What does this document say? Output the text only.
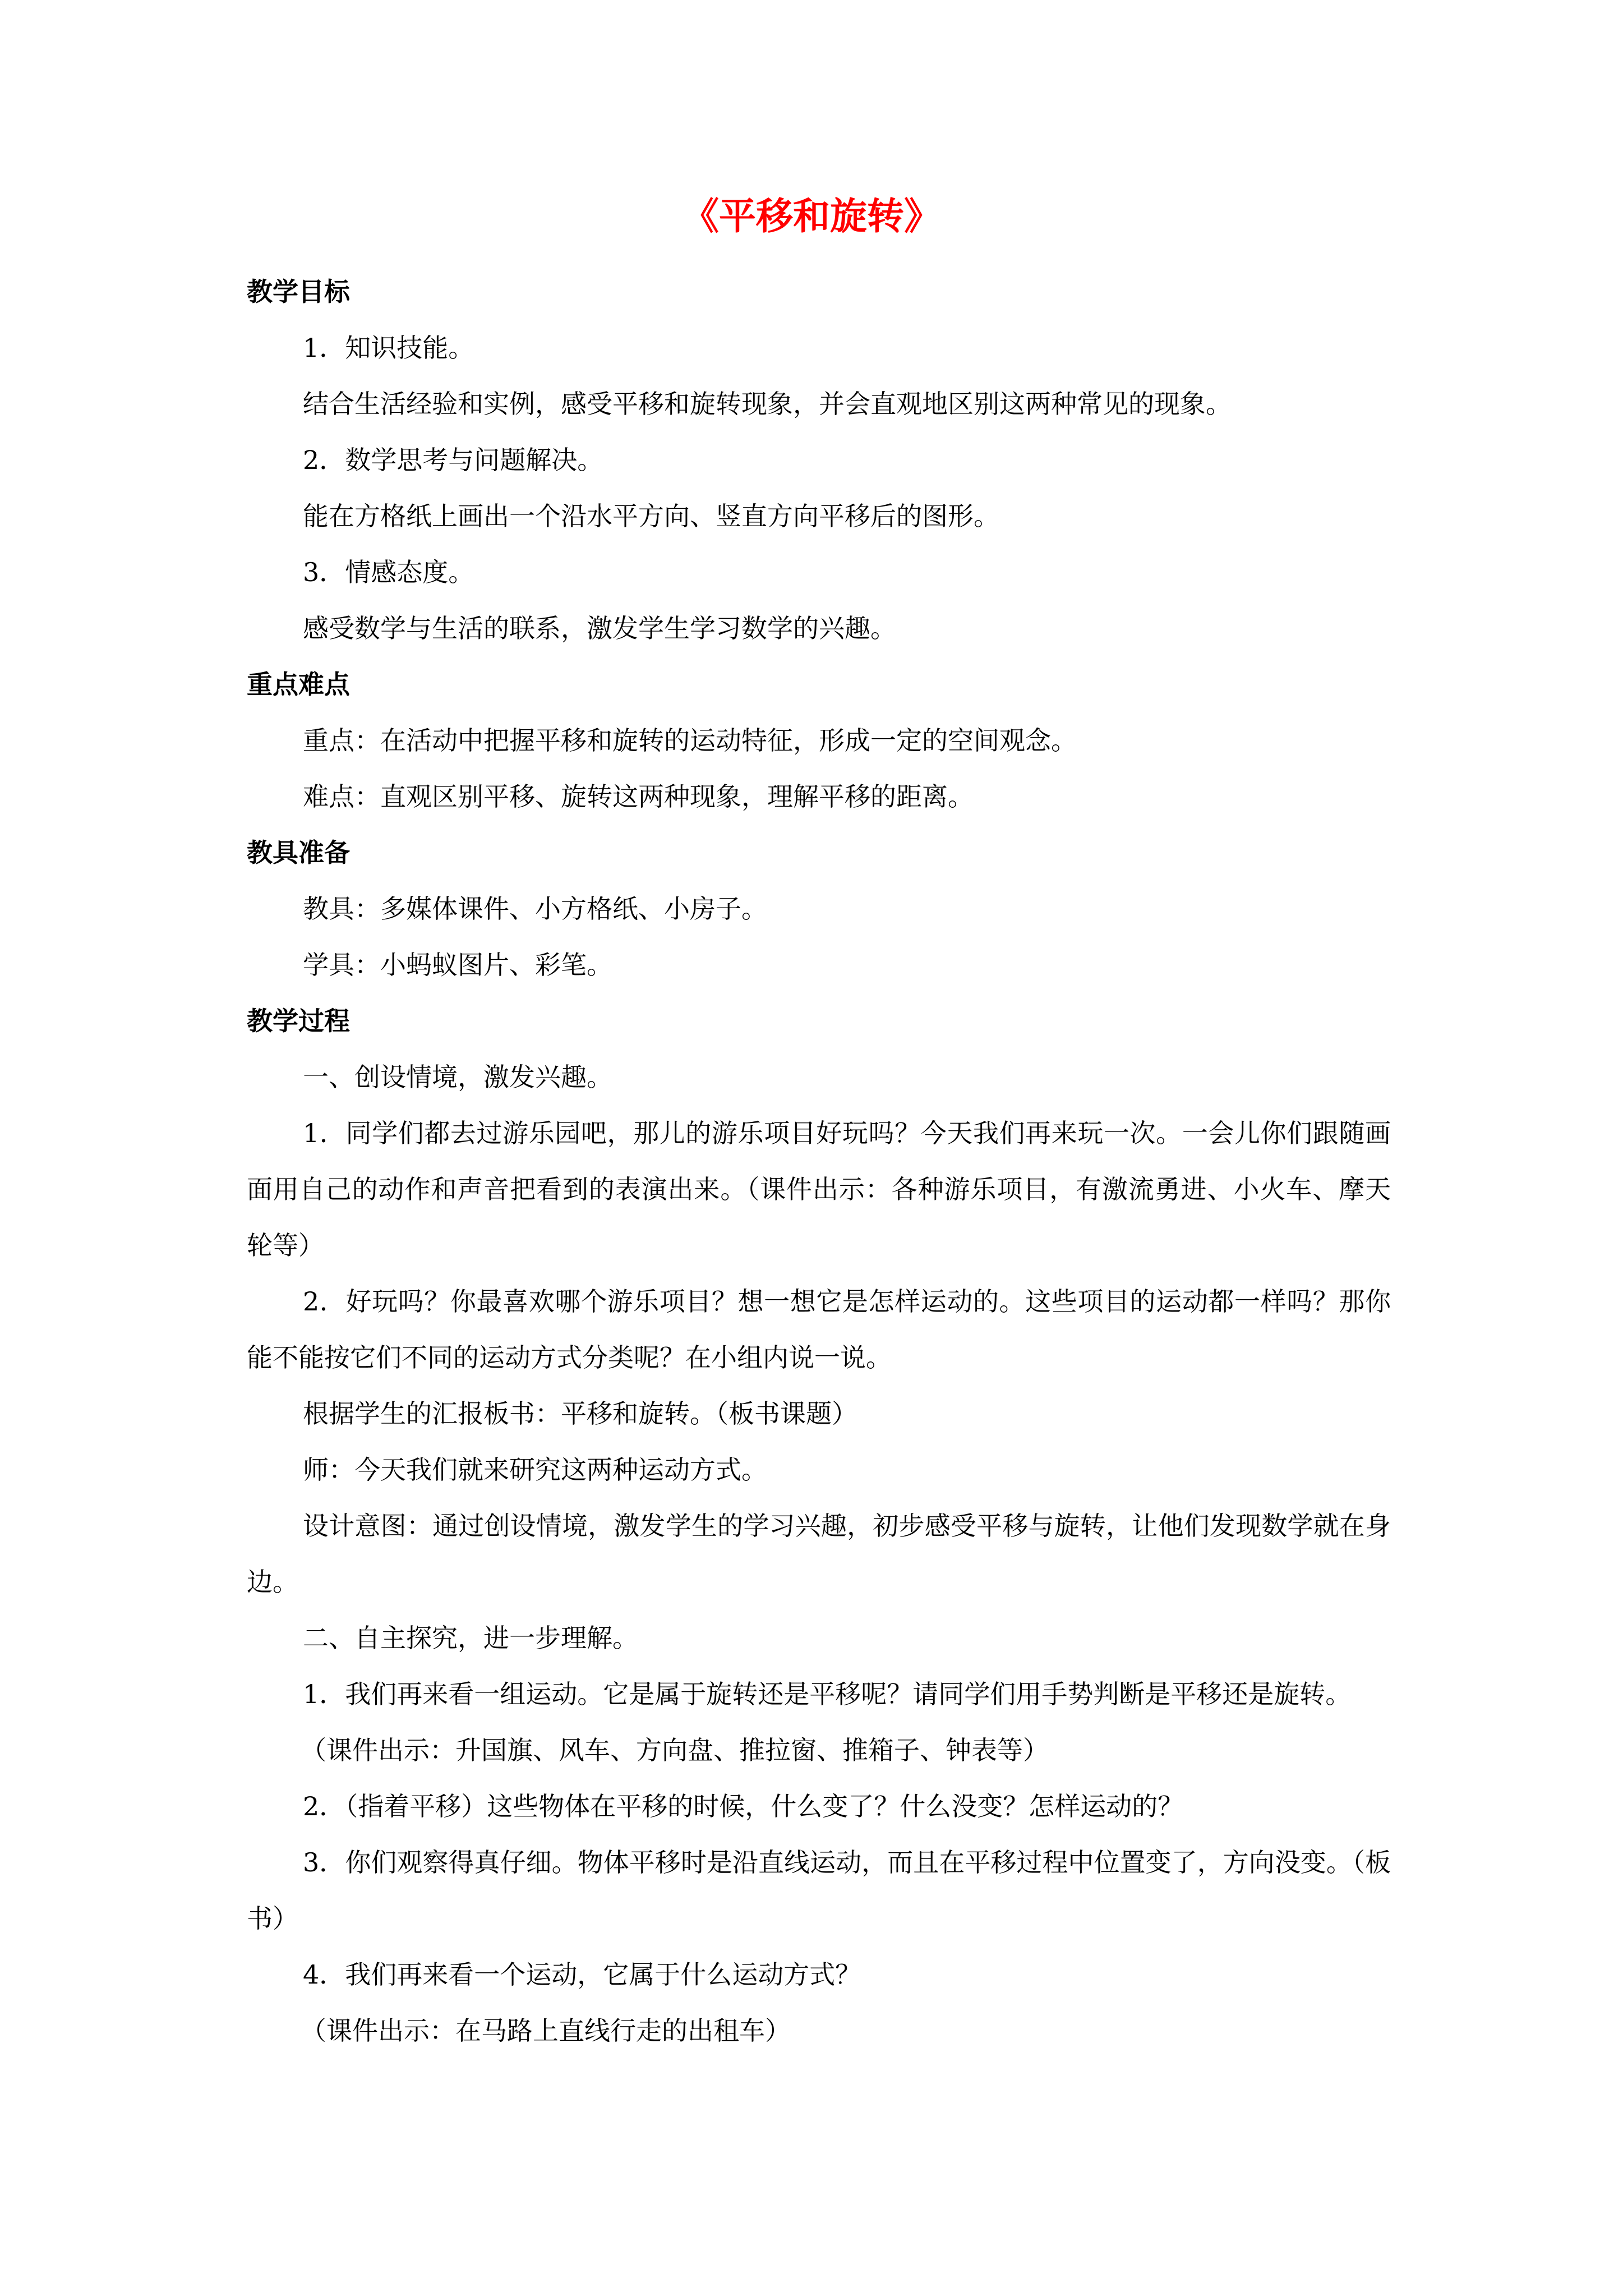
《平移和旋转》
教学目标
1．知识技能。
结合生活经验和实例，感受平移和旋转现象，并会直观地区别这两种常见的现象。
2．数学思考与问题解决。
能在方格纸上画出一个沿水平方向、竖直方向平移后的图形。
3．情感态度。
感受数学与生活的联系，激发学生学习数学的兴趣。
重点难点
重点：在活动中把握平移和旋转的运动特征，形成一定的空间观念。
难点：直观区别平移、旋转这两种现象，理解平移的距离。
教具准备
教具：多媒体课件、小方格纸、小房子。
学具：小蚂蚁图片、彩笔。
教学过程
一、创设情境，激发兴趣。
1．同学们都去过游乐园吧，那儿的游乐项目好玩吗？今天我们再来玩一次。一会儿你们跟随画面用自己的动作和声音把看到的表演出来。（课件出示：各种游乐项目，有激流勇进、小火车、摩天轮等）
2．好玩吗？你最喜欢哪个游乐项目？想一想它是怎样运动的。这些项目的运动都一样吗？那你能不能按它们不同的运动方式分类呢？在小组内说一说。
根据学生的汇报板书：平移和旋转。（板书课题）
师：今天我们就来研究这两种运动方式。
设计意图：通过创设情境，激发学生的学习兴趣，初步感受平移与旋转，让他们发现数学就在身边。
二、自主探究，进一步理解。
1．我们再来看一组运动。它是属于旋转还是平移呢？请同学们用手势判断是平移还是旋转。
（课件出示：升国旗、风车、方向盘、推拉窗、推箱子、钟表等）
2．（指着平移）这些物体在平移的时候，什么变了？什么没变？怎样运动的？
3．你们观察得真仔细。物体平移时是沿直线运动，而且在平移过程中位置变了，方向没变。（板书）
4．我们再来看一个运动，它属于什么运动方式？
（课件出示：在马路上直线行走的出租车）
